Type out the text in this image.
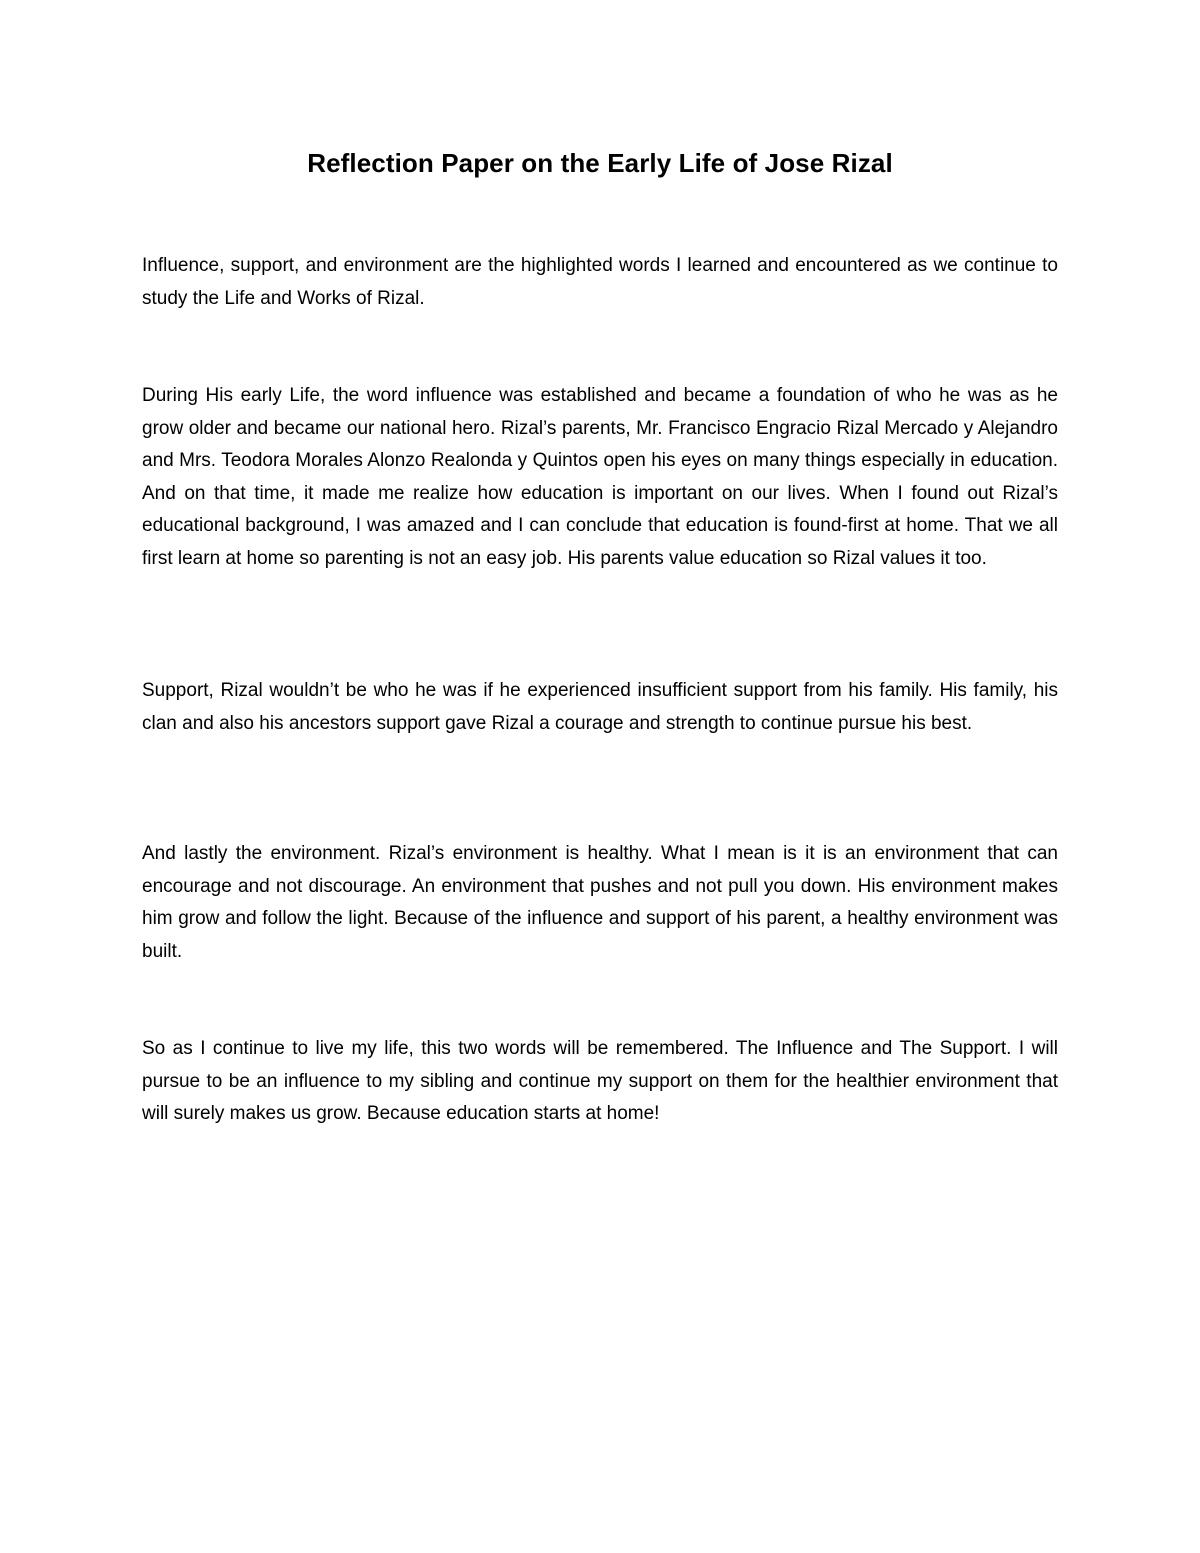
Reflection Paper on the Early Life of Jose Rizal

Influence, support, and environment are the highlighted words I learned and encountered as we continue to study the Life and Works of Rizal.

During His early Life, the word influence was established and became a foundation of who he was as he grow older and became our national hero. Rizal’s parents, Mr. Francisco Engracio Rizal Mercado y Alejandro and Mrs. Teodora Morales Alonzo Realonda y Quintos open his eyes on many things especially in education. And on that time, it made me realize how education is important on our lives. When I found out Rizal’s educational background, I was amazed and I can conclude that education is found-first at home. That we all first learn at home so parenting is not an easy job. His parents value education so Rizal values it too.

Support, Rizal wouldn’t be who he was if he experienced insufficient support from his family. His family, his clan and also his ancestors support gave Rizal a courage and strength to continue pursue his best.

And lastly the environment. Rizal’s environment is healthy. What I mean is it is an environment that can encourage and not discourage. An environment that pushes and not pull you down. His environment makes him grow and follow the light. Because of the influence and support of his parent, a healthy environment was built.

So as I continue to live my life, this two words will be remembered. The Influence and The Support. I will pursue to be an influence to my sibling and continue my support on them for the healthier environment that will surely makes us grow. Because education starts at home!
